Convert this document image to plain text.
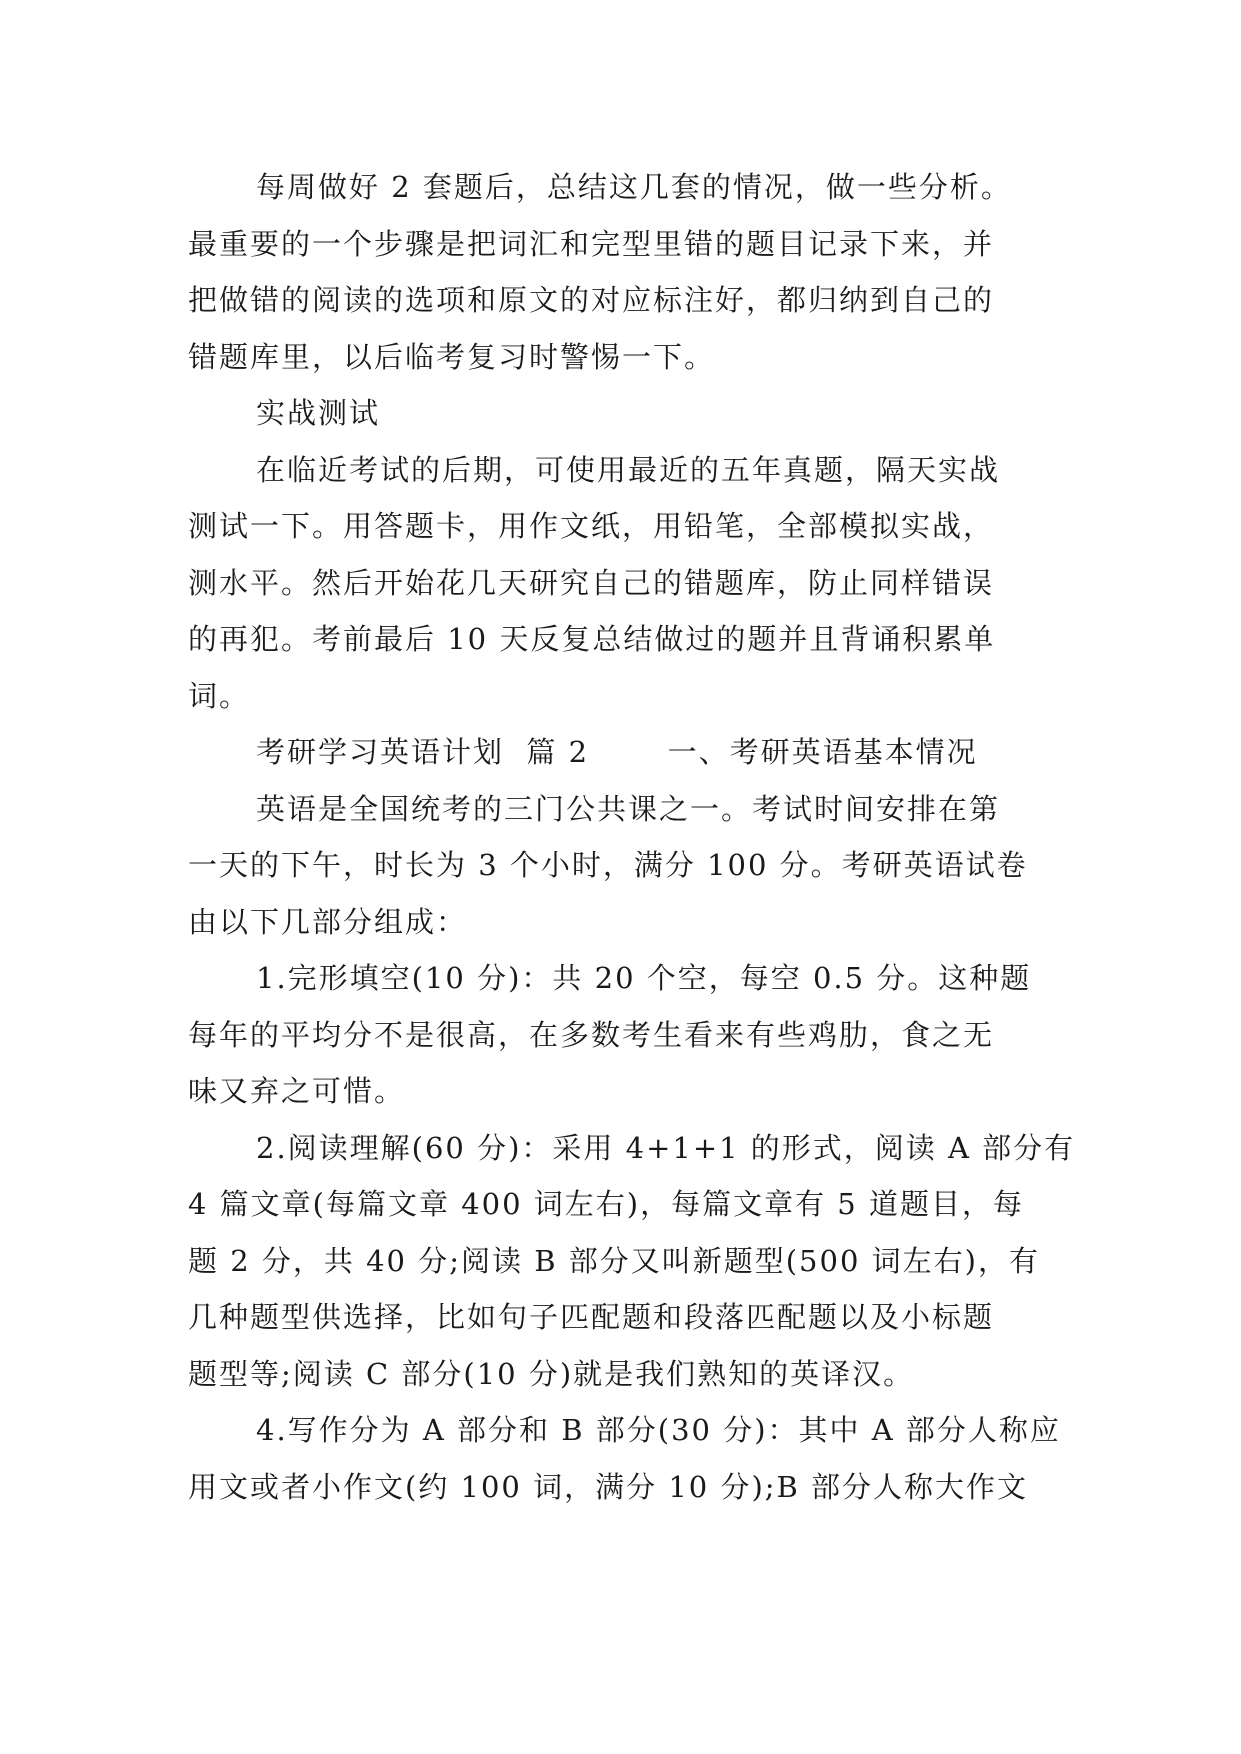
每周做好 2 套题后，总结这几套的情况，做一些分析。
最重要的一个步骤是把词汇和完型里错的题目记录下来，并
把做错的阅读的选项和原文的对应标注好，都归纳到自己的
错题库里，以后临考复习时警惕一下。
实战测试
在临近考试的后期，可使用最近的五年真题，隔天实战
测试一下。用答题卡，用作文纸，用铅笔，全部模拟实战，
测水平。然后开始花几天研究自己的错题库，防止同样错误
的再犯。考前最后 10 天反复总结做过的题并且背诵积累单
词。
考研学习英语计划  篇 2       一、考研英语基本情况
英语是全国统考的三门公共课之一。考试时间安排在第
一天的下午，时长为 3 个小时，满分 100 分。考研英语试卷
由以下几部分组成：
1.完形填空(10 分)：共 20 个空，每空 0.5 分。这种题
每年的平均分不是很高，在多数考生看来有些鸡肋，食之无
味又弃之可惜。
2.阅读理解(60 分)：采用 4+1+1 的形式，阅读 A 部分有
4 篇文章(每篇文章 400 词左右)，每篇文章有 5 道题目，每
题 2 分，共 40 分;阅读 B 部分又叫新题型(500 词左右)，有
几种题型供选择，比如句子匹配题和段落匹配题以及小标题
题型等;阅读 C 部分(10 分)就是我们熟知的英译汉。
4.写作分为 A 部分和 B 部分(30 分)：其中 A 部分人称应
用文或者小作文(约 100 词，满分 10 分);B 部分人称大作文
